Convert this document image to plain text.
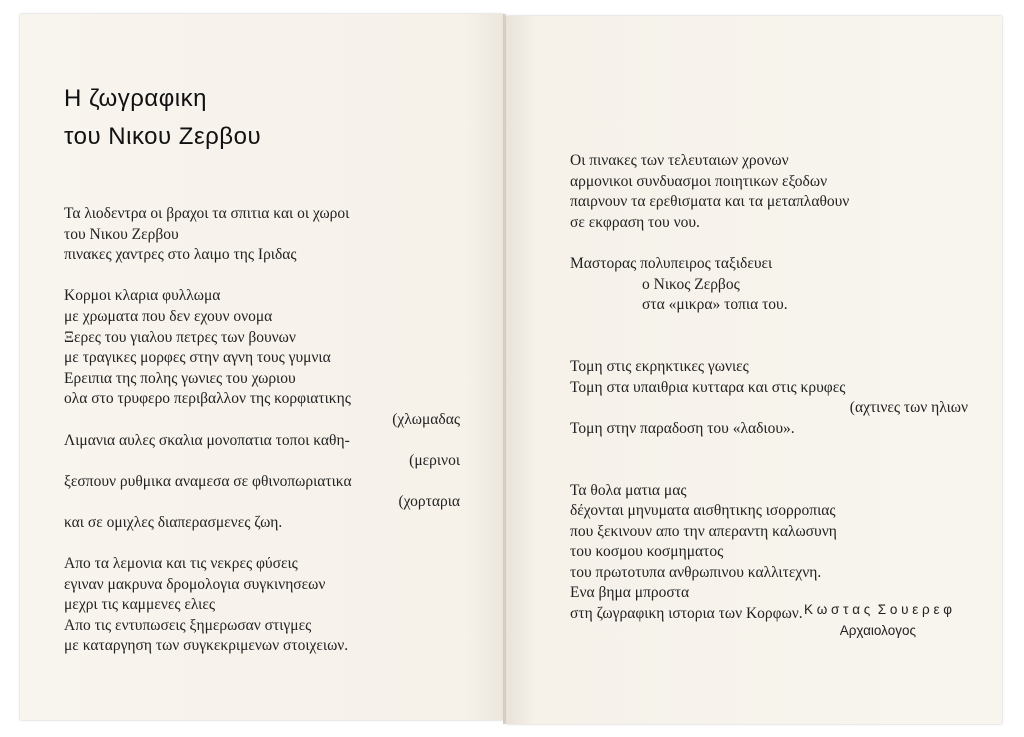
Η ζωγραφικη
του Νικου Ζερβου
Τα λιοδεντρα οι βραχοι τα σπιτια και οι χωροι
του Νικου Ζερβου
πινακες χαντρες στο λαιμο της Ιριδας
Κορμοι κλαρια φυλλωμα
με χρωματα που δεν εχουν ονομα
Ξερες του γιαλου πετρες των βουνων
με τραγικες μορφες στην αγνη τους γυμνια
Ερειπια της πολης γωνιες του χωριου
ολα στο τρυφερο περιβαλλον της κορφιατικης
(χλωμαδας
Λιμανια αυλες σκαλια μονοπατια τοποι καθη-
(μερινοι
ξεσπουν ρυθμικα αναμεσα σε φθινοπωριατικα
(χορταρια
και σε ομιχλες διαπερασμενες ζωη.
Απο τα λεμονια και τις νεκρες φύσεις
εγιναν μακρυνα δρομολογια συγκινησεων
μεχρι τις καμμενες ελιες
Απο τις εντυπωσεις ξημερωσαν στιγμες
με καταργηση των συγκεκριμενων στοιχειων.
Οι πινακες των τελευταιων χρονων
αρμονικοι συνδυασμοι ποιητικων εξοδων
παιρνουν τα ερεθισματα και τα μεταπλαθουν
σε εκφραση του νου.
Μαστορας πολυπειρος ταξιδευει
ο Νικος Ζερβος
στα «μικρα» τοπια του.
Τομη στις εκρηκτικες γωνιες
Τομη στα υπαιθρια κυτταρα και στις κρυφες
(αχτινες των ηλιων
Τομη στην παραδοση του «λαδιου».
Τα θολα ματια μας
δέχονται μηνυματα αισθητικης ισορροπιας
που ξεκινουν απο την απεραντη καλωσυνη
του κοσμου κοσμηματος
του πρωτοτυπα ανθρωπινου καλλιτεχνη.
Ενα βημα μπροστα
στη ζωγραφικη ιστορια των Κορφων. Κ ω σ τ α ς  Σ ο υ ε ρ ε φ
Αρχαιολογος
